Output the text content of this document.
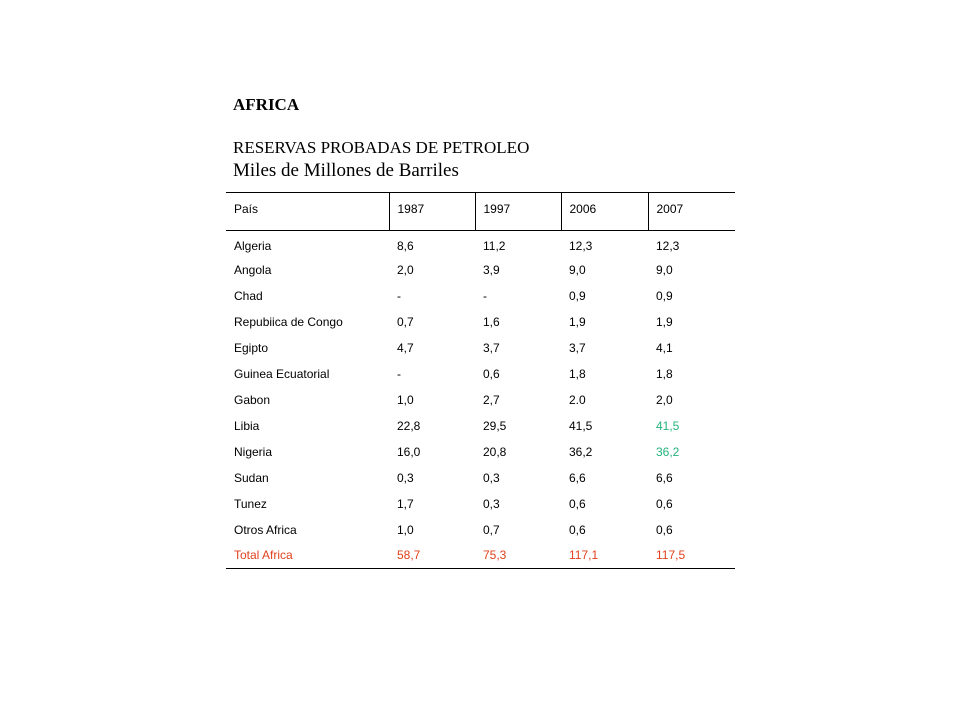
AFRICA
RESERVAS PROBADAS DE PETROLEO
Miles de Millones de Barriles
País	1987	1997	2006	2007
Algeria	8,6	11,2	12,3	12,3
Angola	2,0	3,9	9,0	9,0
Chad	-	-	0,9	0,9
Repubiica de Congo	0,7	1,6	1,9	1,9
Egipto	4,7	3,7	3,7	4,1
Guinea Ecuatorial	-	0,6	1,8	1,8
Gabon	1,0	2,7	2.0	2,0
Libia	22,8	29,5	41,5	41,5
Nigeria	16,0	20,8	36,2	36,2
Sudan	0,3	0,3	6,6	6,6
Tunez	1,7	0,3	0,6	0,6
Otros Africa	1,0	0,7	0,6	0,6
Total Africa	58,7	75,3	117,1	117,5
